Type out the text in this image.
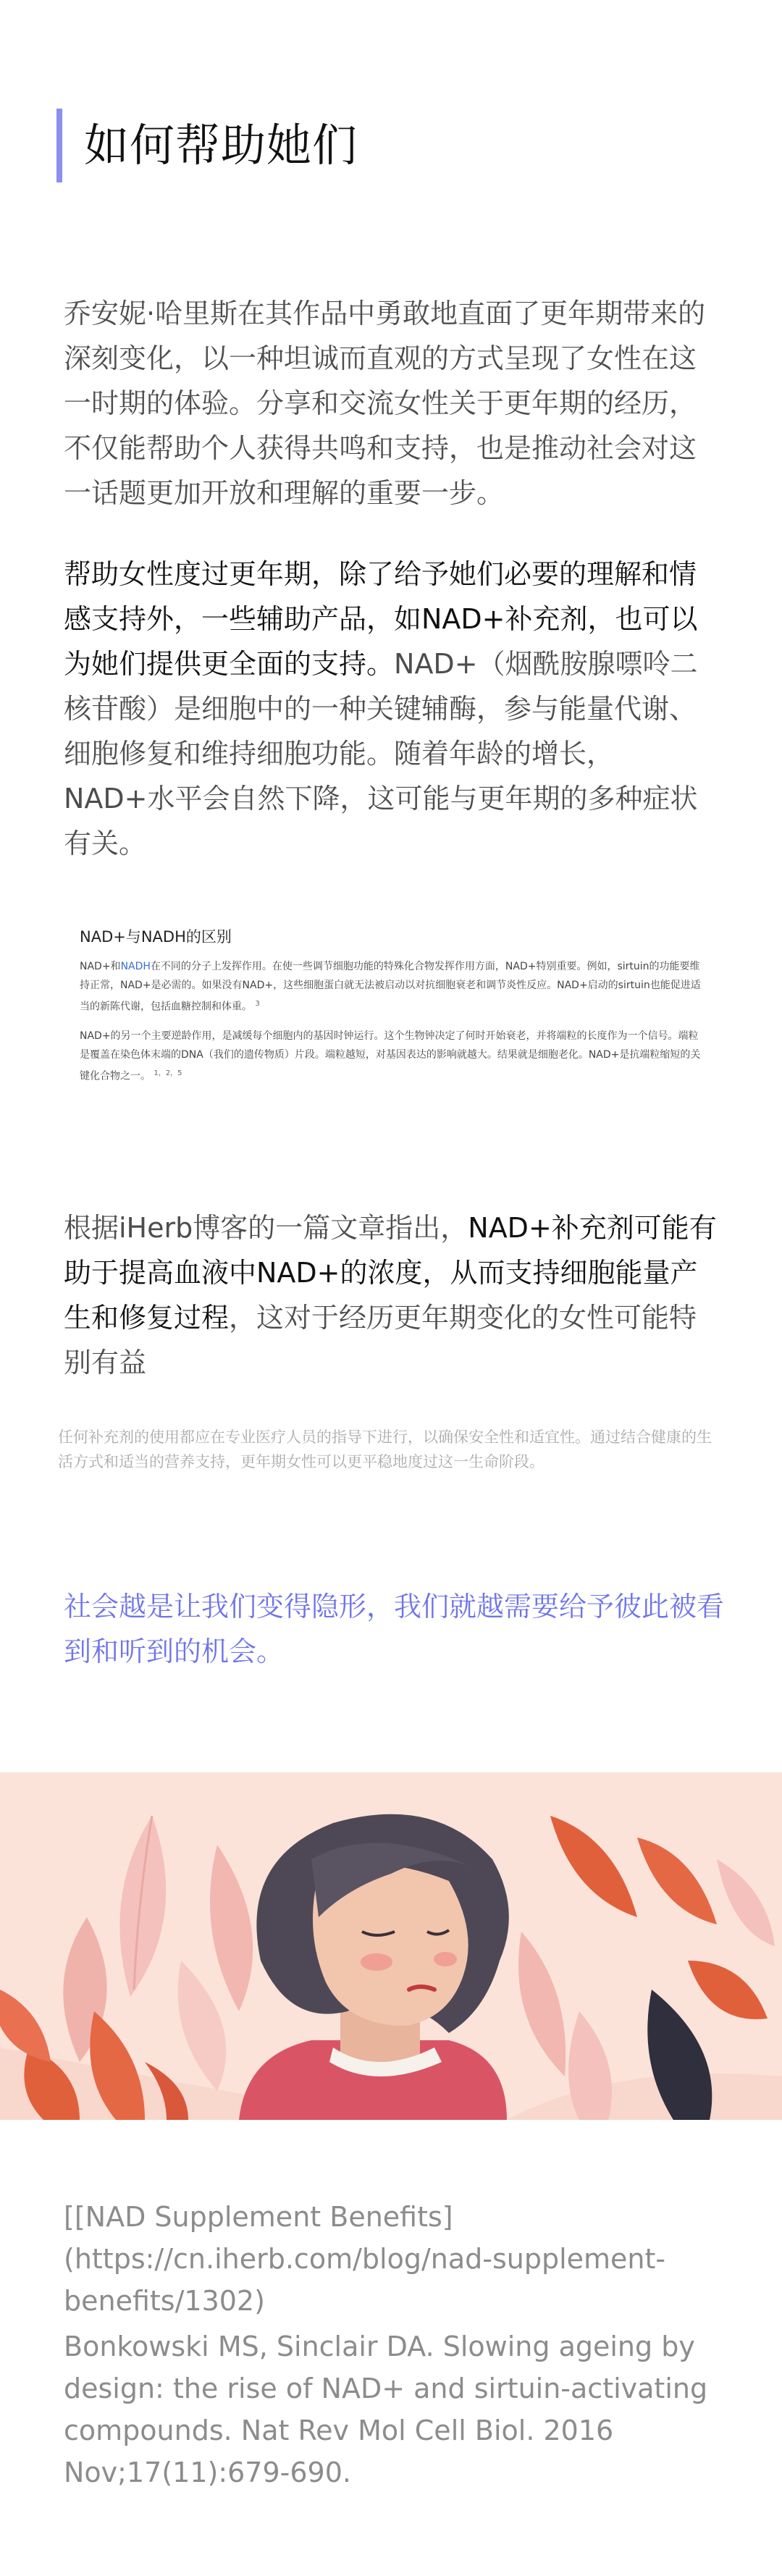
如何帮助她们

乔安妮·哈里斯在其作品中勇敢地直面了更年期带来的深刻变化，以一种坦诚而直观的方式呈现了女性在这一时期的体验。分享和交流女性关于更年期的经历，不仅能帮助个人获得共鸣和支持，也是推动社会对这一话题更加开放和理解的重要一步。

帮助女性度过更年期，除了给予她们必要的理解和情感支持外，一些辅助产品，如NAD+补充剂，也可以为她们提供更全面的支持。NAD+（烟酰胺腺嘌呤二核苷酸）是细胞中的一种关键辅酶，参与能量代谢、细胞修复和维持细胞功能。随着年龄的增长，NAD+水平会自然下降，这可能与更年期的多种症状有关。

NAD+与NADH的区别

NAD+和NADH在不同的分子上发挥作用。在使一些调节细胞功能的特殊化合物发挥作用方面，NAD+特别重要。例如，sirtuin的功能要维持正常，NAD+是必需的。如果没有NAD+，这些细胞蛋白就无法被启动以对抗细胞衰老和调节炎性反应。NAD+启动的sirtuin也能促进适当的新陈代谢，包括血糖控制和体重。 $^3$

NAD+的另一个主要逆龄作用，是减缓每个细胞内的基因时钟运行。这个生物钟决定了何时开始衰老，并将端粒的长度作为一个信号。端粒是覆盖在染色体末端的DNA（我们的遗传物质）片段。端粒越短，对基因表达的影响就越大。结果就是细胞老化。NAD+是抗端粒缩短的关键化合物之一。 $^{1,2,5}$

根据iHerb博客的一篇文章指出，NAD+补充剂可能有助于提高血液中NAD+的浓度，从而支持细胞能量产生和修复过程，这对于经历更年期变化的女性可能特别有益

任何补充剂的使用都应在专业医疗人员的指导下进行，以确保安全性和适宜性。通过结合健康的生活方式和适当的营养支持，更年期女性可以更平稳地度过这一生命阶段。

社会越是让我们变得隐形，我们就越需要给予彼此被看到和听到的机会。

[[NAD Supplement Benefits](https://cn.iherb.com/blog/nad-supplement-benefits/1302)

Bonkowski MS, Sinclair DA. Slowing ageing by design: the rise of NAD+ and sirtuin-activating compounds. Nat Rev Mol Cell Biol. 2016 Nov;17(11):679-690.
